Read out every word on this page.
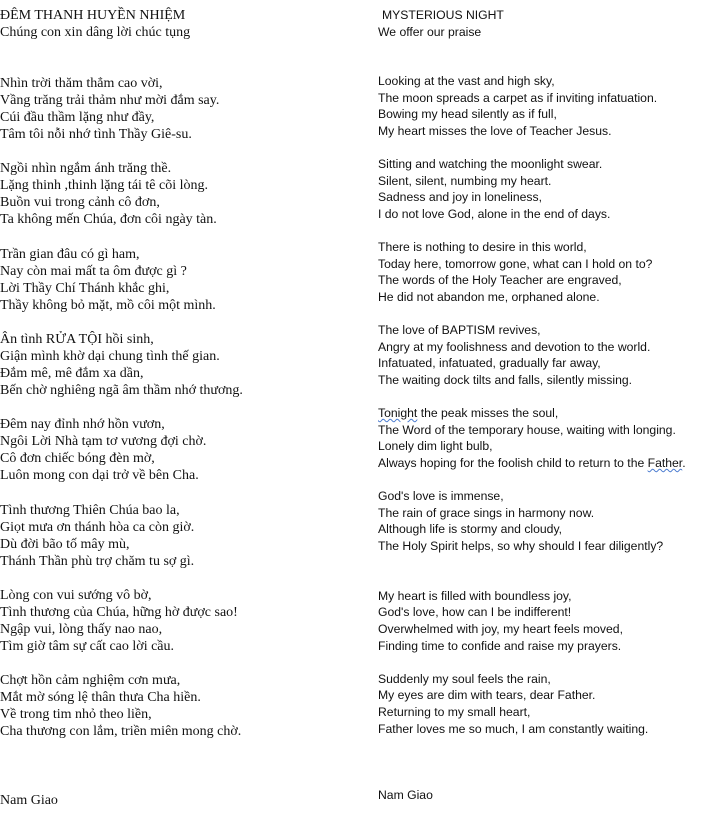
ĐÊM THANH HUYỀN NHIỆM
Chúng con xin dâng lời chúc tụng
Nhìn trời thăm thẳm cao vời,
Vầng trăng trải thảm như mời đắm say.
Cúi đầu thầm lặng như đầy,
Tâm tôi nỗi nhớ tình Thầy Giê-su.
Ngồi nhìn ngắm ánh trăng thề.
Lặng thinh ,thinh lặng tái tê cõi lòng.
Buồn vui trong cảnh cô đơn,
Ta không mến Chúa, đơn côi ngày tàn.
Trần gian đâu có gì ham,
Nay còn mai mất ta ôm được gì ?
Lời Thầy Chí Thánh khắc ghi,
Thầy không bỏ mặt, mồ côi một mình.
Ân tình RỬA TỘI hồi sinh,
Giận mình khờ dại chung tình thế gian.
Đắm mê, mê đắm xa dần,
Bến chờ nghiêng ngã âm thầm nhớ thương.
Đêm nay đỉnh nhớ hồn vươn,
Ngôi Lời Nhà tạm tơ vương đợi chờ.
Cô đơn chiếc bóng đèn mờ,
Luôn mong con dại trở về bên Cha.
Tình thương Thiên Chúa bao la,
Giọt mưa ơn thánh hòa ca còn giờ.
Dù đời bão tố mây mù,
Thánh Thần phù trợ chăm tu sợ gì.
Lòng con vui sướng vô bờ,
Tình thương của Chúa, hững hờ được sao!
Ngập vui, lòng thấy nao nao,
Tìm giờ tâm sự cất cao lời cầu.
Chợt hồn cảm nghiệm cơn mưa,
Mắt mờ sóng lệ thân thưa Cha hiền.
Về trong tim nhỏ theo liền,
Cha thương con lắm, triền miên mong chờ.
Nam Giao
MYSTERIOUS NIGHT
We offer our praise
Looking at the vast and high sky,
The moon spreads a carpet as if inviting infatuation.
Bowing my head silently as if full,
My heart misses the love of Teacher Jesus.
Sitting and watching the moonlight swear.
Silent, silent, numbing my heart.
Sadness and joy in loneliness,
I do not love God, alone in the end of days.
There is nothing to desire in this world,
Today here, tomorrow gone, what can I hold on to?
The words of the Holy Teacher are engraved,
He did not abandon me, orphaned alone.
The love of BAPTISM revives,
Angry at my foolishness and devotion to the world.
Infatuated, infatuated, gradually far away,
The waiting dock tilts and falls, silently missing.
Tonight the peak misses the soul,
The Word of the temporary house, waiting with longing.
Lonely dim light bulb,
Always hoping for the foolish child to return to the Father.
God's love is immense,
The rain of grace sings in harmony now.
Although life is stormy and cloudy,
The Holy Spirit helps, so why should I fear diligently?
My heart is filled with boundless joy,
God's love, how can I be indifferent!
Overwhelmed with joy, my heart feels moved,
Finding time to confide and raise my prayers.
Suddenly my soul feels the rain,
My eyes are dim with tears, dear Father.
Returning to my small heart,
Father loves me so much, I am constantly waiting.
Nam Giao
